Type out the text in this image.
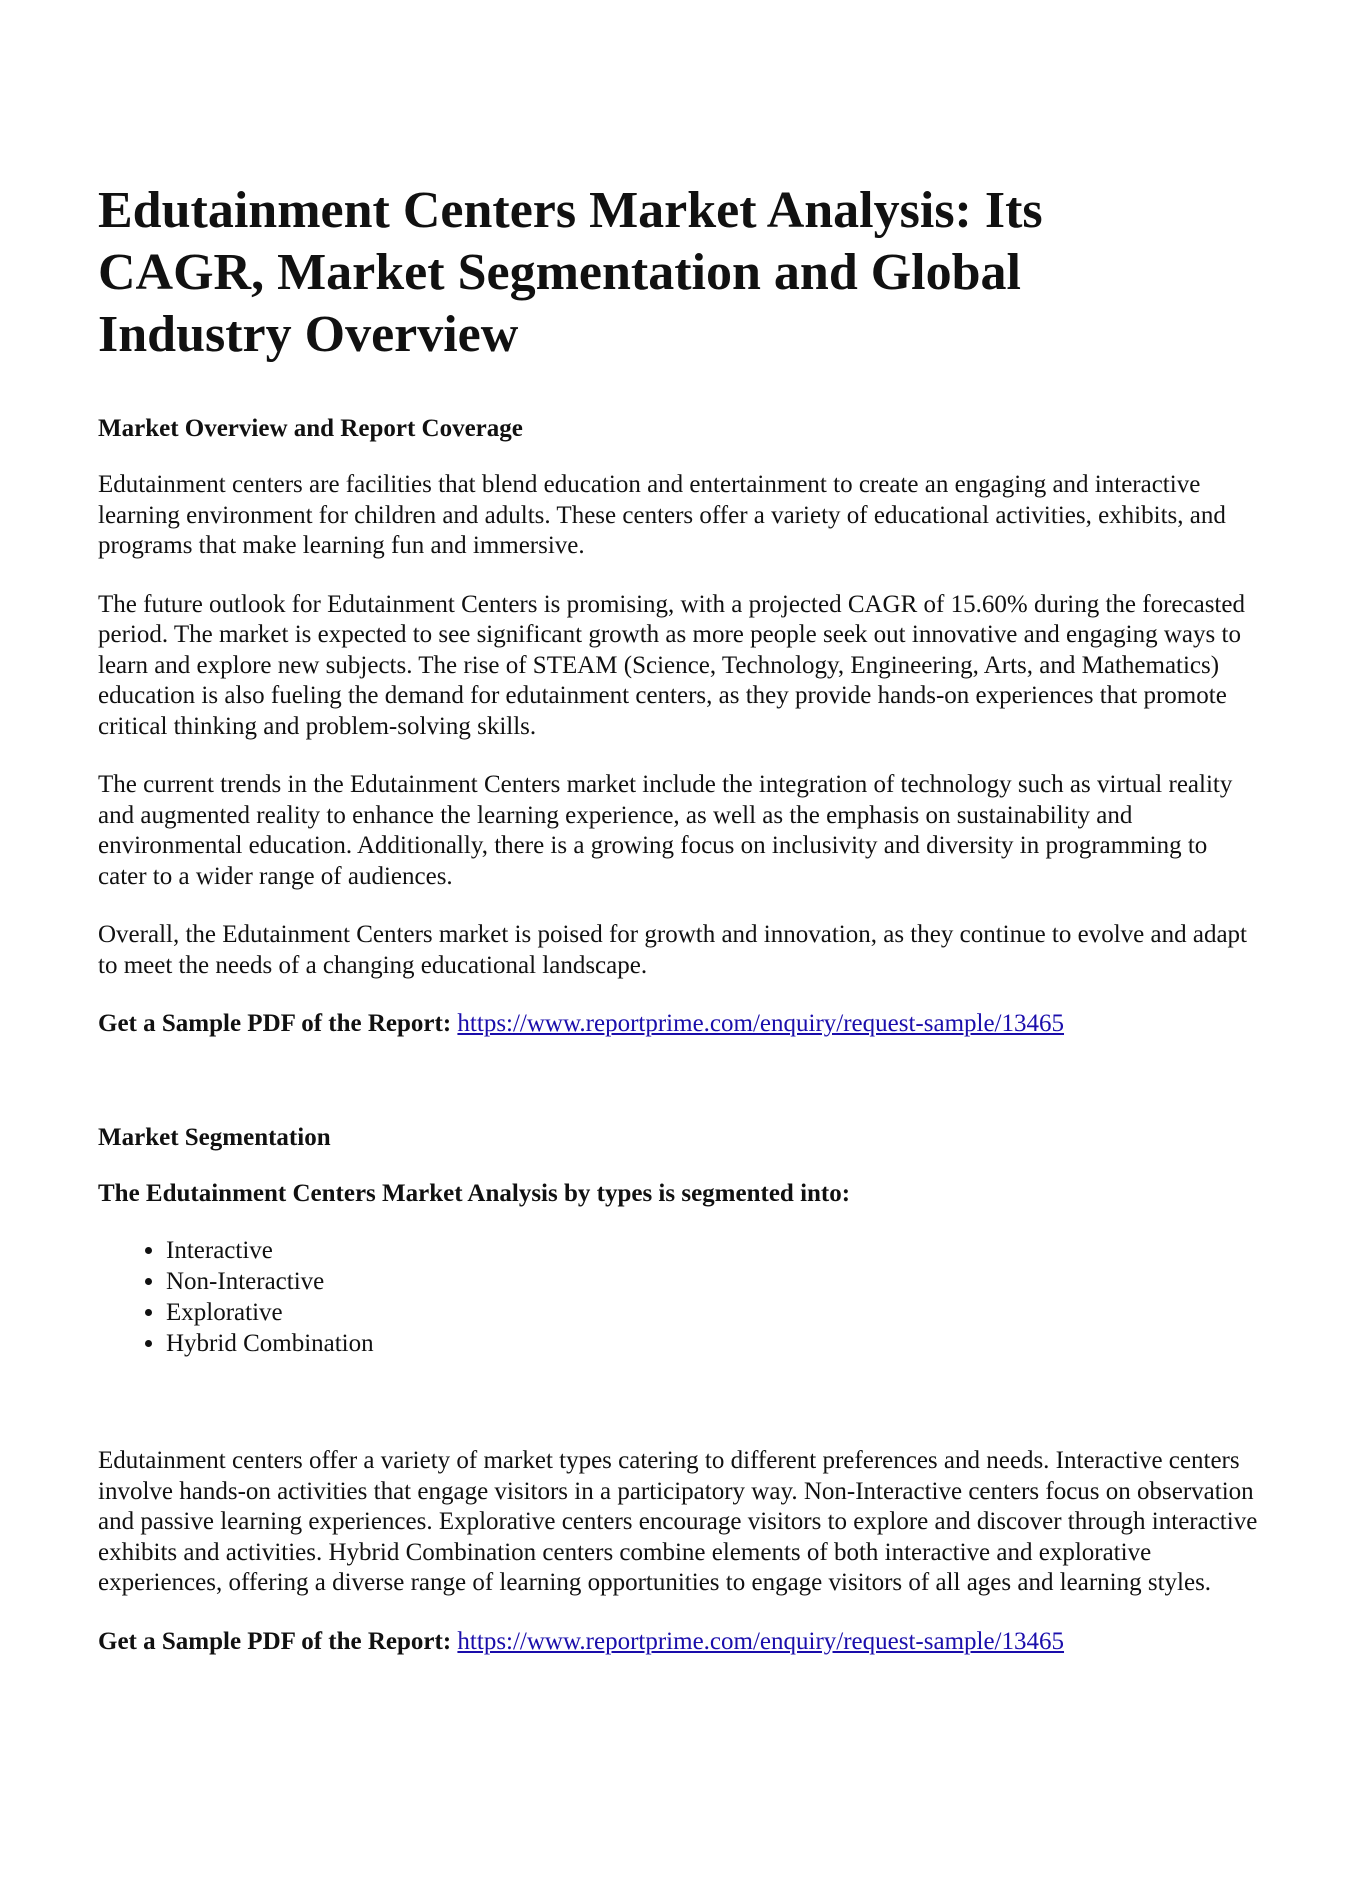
Edutainment Centers Market Analysis: Its CAGR, Market Segmentation and Global Industry Overview
Market Overview and Report Coverage

Edutainment centers are facilities that blend education and entertainment to create an engaging and interactive learning environment for children and adults. These centers offer a variety of educational activities, exhibits, and programs that make learning fun and immersive.

The future outlook for Edutainment Centers is promising, with a projected CAGR of 15.60% during the forecasted period. The market is expected to see significant growth as more people seek out innovative and engaging ways to learn and explore new subjects. The rise of STEAM (Science, Technology, Engineering, Arts, and Mathematics) education is also fueling the demand for edutainment centers, as they provide hands-on experiences that promote critical thinking and problem-solving skills.

The current trends in the Edutainment Centers market include the integration of technology such as virtual reality and augmented reality to enhance the learning experience, as well as the emphasis on sustainability and environmental education. Additionally, there is a growing focus on inclusivity and diversity in programming to cater to a wider range of audiences.

Overall, the Edutainment Centers market is poised for growth and innovation, as they continue to evolve and adapt to meet the needs of a changing educational landscape.

Get a Sample PDF of the Report: https://www.reportprime.com/enquiry/request-sample/13465
Market Segmentation
The Edutainment Centers Market Analysis by types is segmented into:
• Interactive
• Non-Interactive
• Explorative
• Hybrid Combination

Edutainment centers offer a variety of market types catering to different preferences and needs. Interactive centers involve hands-on activities that engage visitors in a participatory way. Non-Interactive centers focus on observation and passive learning experiences. Explorative centers encourage visitors to explore and discover through interactive exhibits and activities. Hybrid Combination centers combine elements of both interactive and explorative experiences, offering a diverse range of learning opportunities to engage visitors of all ages and learning styles.

Get a Sample PDF of the Report: https://www.reportprime.com/enquiry/request-sample/13465
